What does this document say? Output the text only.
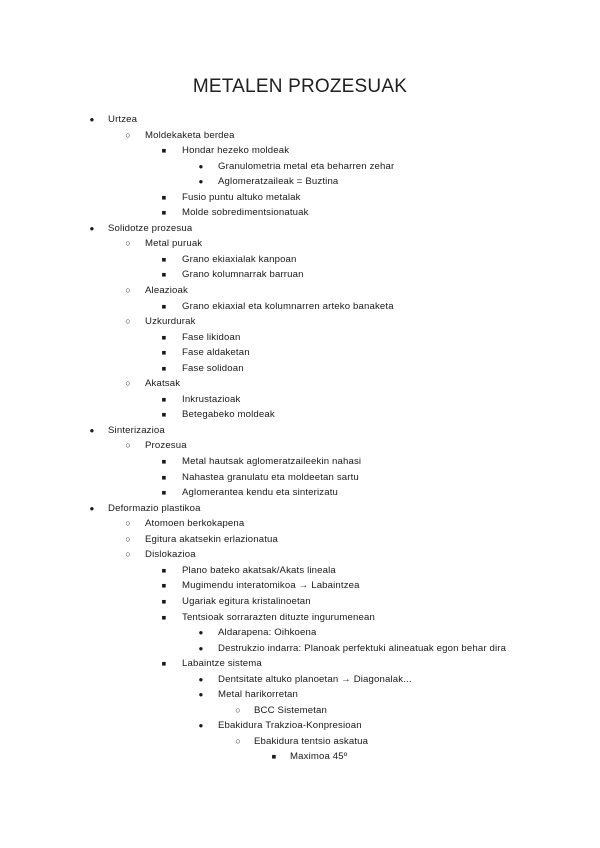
METALEN PROZESUAK
●	Urtzea
○	Moldekaketa berdea
■	Hondar hezeko moldeak
●	Granulometria metal eta beharren zehar
●	Aglomeratzaileak = Buztina
■	Fusio puntu altuko metalak
■	Molde sobredimentsionatuak
●	Solidotze prozesua
○	Metal puruak
■	Grano ekiaxialak kanpoan
■	Grano kolumnarrak barruan
○	Aleazioak
■	Grano ekiaxial eta kolumnarren arteko banaketa
○	Uzkurdurak
■	Fase likidoan
■	Fase aldaketan
■	Fase solidoan
○	Akatsak
■	Inkrustazioak
■	Betegabeko moldeak
●	Sinterizazioa
○	Prozesua
■	Metal hautsak aglomeratzaileekin nahasi
■	Nahastea granulatu eta moldeetan sartu
■	Aglomerantea kendu eta sinterizatu
●	Deformazio plastikoa
○	Atomoen berkokapena
○	Egitura akatsekin erlazionatua
○	Dislokazioa
■	Plano bateko akatsak/Akats lineala
■	Mugimendu interatomikoa → Labaintzea
■	Ugariak egitura kristalinoetan
■	Tentsioak sorrarazten dituzte ingurumenean
●	Aldarapena: Oihkoena
●	Destrukzio indarra: Planoak perfektuki alineatuak egon behar dira
■	Labaintze sistema
●	Dentsitate altuko planoetan → Diagonalak...
●	Metal harikorretan
○	BCC Sistemetan
●	Ebakidura Trakzioa-Konpresioan
○	Ebakidura tentsio askatua
■	Maximoa 45º
